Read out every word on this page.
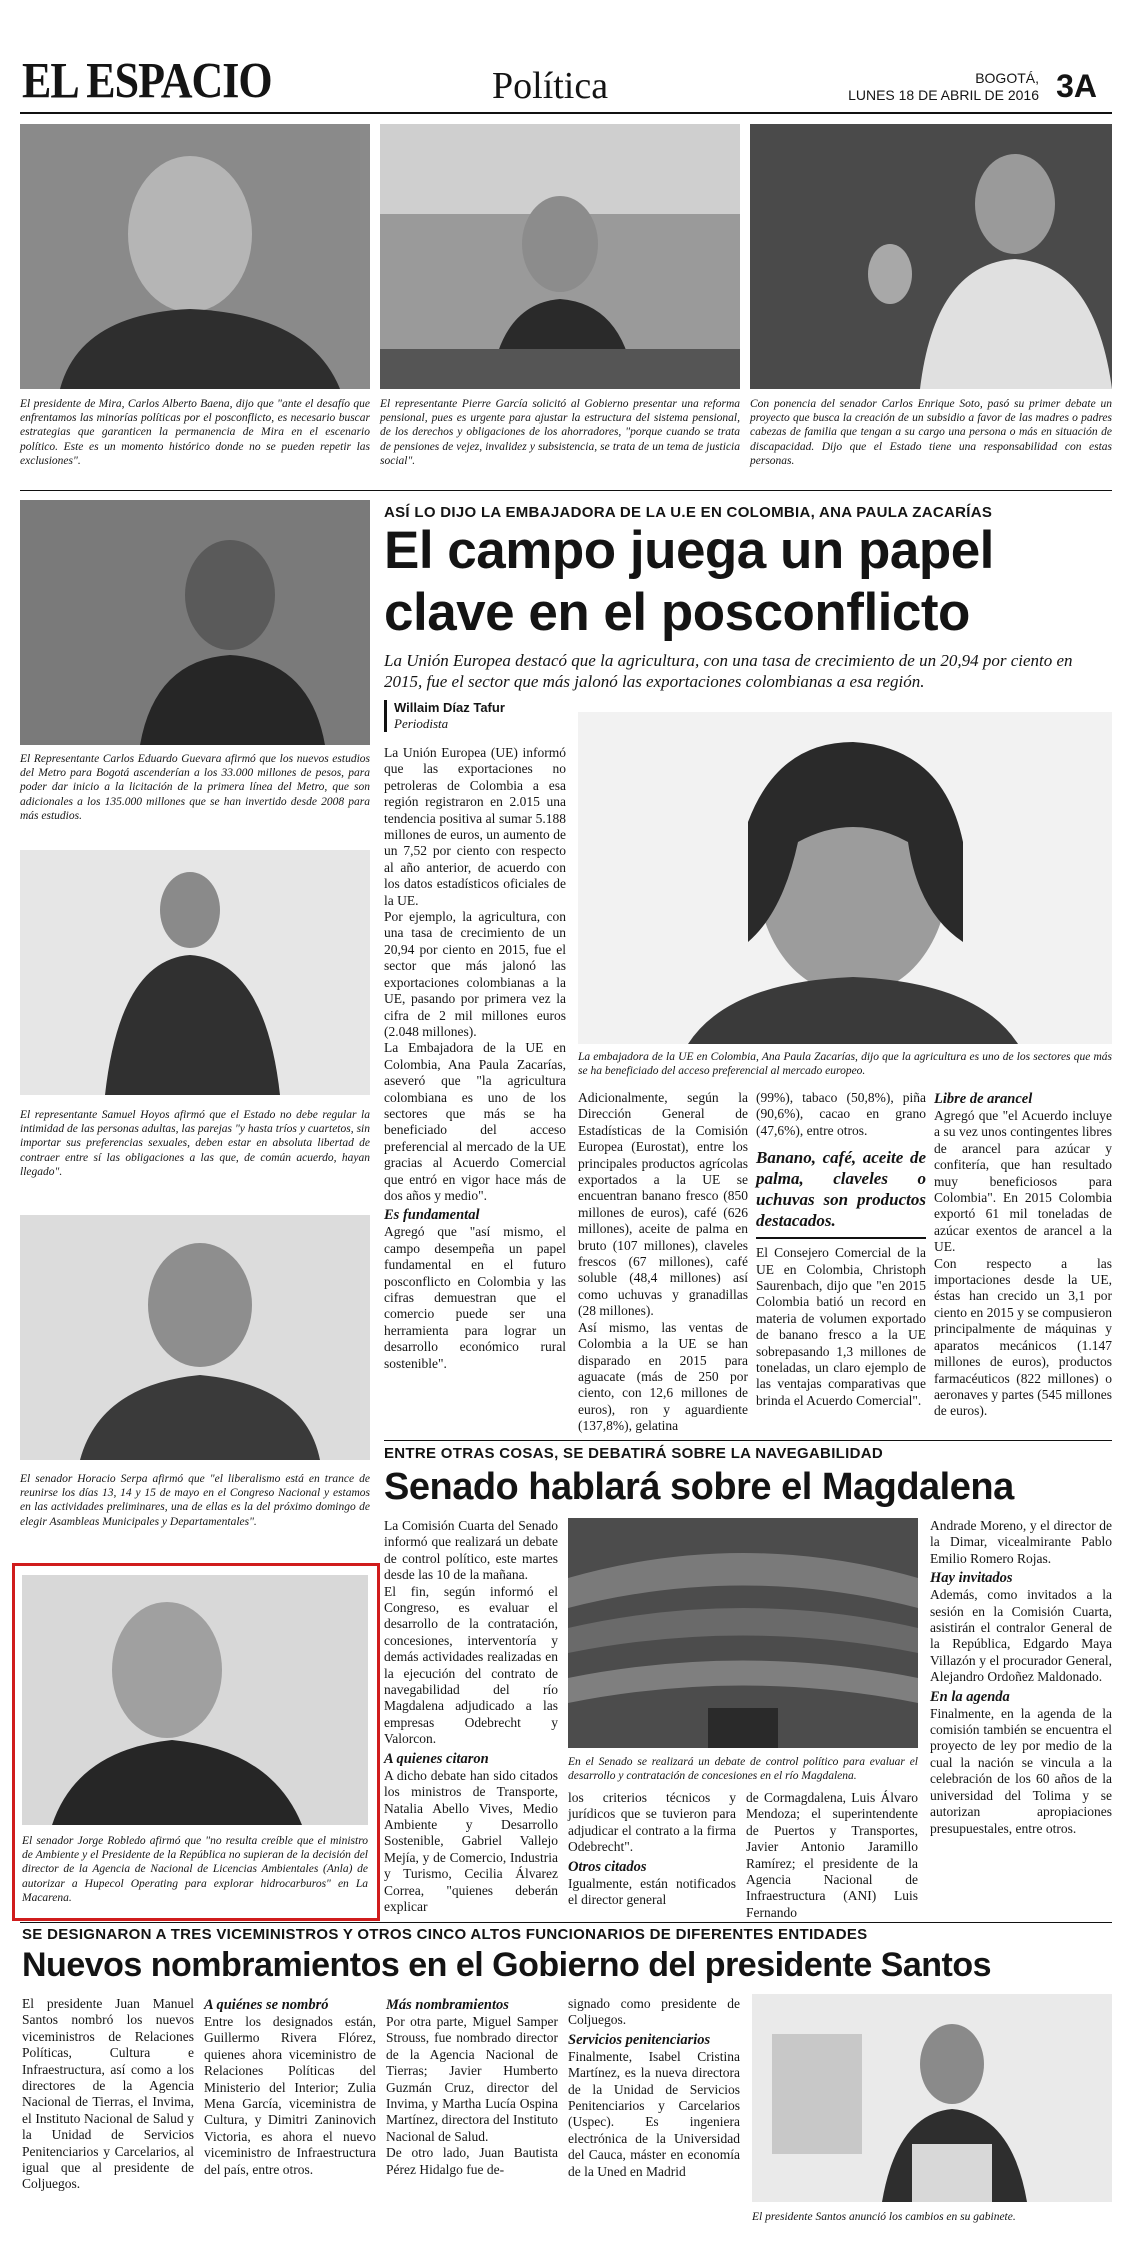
EL ESPACIO	Política	BOGOTÁ,
LUNES 18 DE ABRIL DE 2016 3A
El presidente de Mira, Carlos Alberto Baena, dijo que "ante el desafío que enfrentamos las minorías políticas por el posconflicto, es necesario buscar estrategias que garanticen la permanencia de Mira en el escenario político. Este es un momento histórico donde no se pueden repetir las exclusiones".
El representante Pierre García solicitó al Gobierno presentar una reforma pensional, pues es urgente para ajustar la estructura del sistema pensional, de los derechos y obligaciones de los ahorradores, "porque cuando se trata de pensiones de vejez, invalidez y subsistencia, se trata de un tema de justicia social".
Con ponencia del senador Carlos Enrique Soto, pasó su primer debate un proyecto que busca la creación de un subsidio a favor de las madres o padres cabezas de familia que tengan a su cargo una persona o más en situación de discapacidad. Dijo que el Estado tiene una responsabilidad con estas personas.
El Representante Carlos Eduardo Guevara afirmó que los nuevos estudios del Metro para Bogotá ascenderían a los 33.000 millones de pesos, para poder dar inicio a la licitación de la primera línea del Metro, que son adicionales a los 135.000 millones que se han invertido desde 2008 para más estudios.
El representante Samuel Hoyos afirmó que el Estado no debe regular la intimidad de las personas adultas, las parejas "y hasta tríos y cuartetos, sin importar sus preferencias sexuales, deben estar en absoluta libertad de contraer entre sí las obligaciones a las que, de común acuerdo, hayan llegado".
El senador Horacio Serpa afirmó que "el liberalismo está en trance de reunirse los días 13, 14 y 15 de mayo en el Congreso Nacional y estamos en las actividades preliminares, una de ellas es la del próximo domingo de elegir Asambleas Municipales y Departamentales".
El senador Jorge Robledo afirmó que "no resulta creíble que el ministro de Ambiente y el Presidente de la República no supieran de la decisión del director de la Agencia de Nacional de Licencias Ambientales (Anla) de autorizar a Hupecol Operating para explorar hidrocarburos" en La Macarena.
ASÍ LO DIJO LA EMBAJADORA DE LA U.E EN COLOMBIA, ANA PAULA ZACARÍAS
El campo juega un papel
clave en el posconflicto
La Unión Europea destacó que la agricultura, con una tasa de crecimiento de un 20,94 por ciento en 2015, fue el sector que más jalonó las exportaciones colombianas a esa región.
Willaim Díaz Tafur
Periodista

La Unión Europea (UE) informó que las exportaciones no petroleras de Colombia a esa región registraron en 2.015 una tendencia positiva al sumar 5.188 millones de euros, un aumento de un 7,52 por ciento con respecto al año anterior, de acuerdo con los datos estadísticos oficiales de la UE.

Por ejemplo, la agricultura, con una tasa de crecimiento de un 20,94 por ciento en 2015, fue el sector que más jalonó las exportaciones colombianas a la UE, pasando por primera vez la cifra de 2 mil millones euros (2.048 millones).

La Embajadora de la UE en Colombia, Ana Paula Zacarías, aseveró que "la agricultura colombiana es uno de los sectores que más se ha beneficiado del acceso preferencial al mercado de la UE gracias al Acuerdo Comercial que entró en vigor hace más de dos años y medio".

Es fundamental

Agregó que "así mismo, el campo desempeña un papel fundamental en el futuro posconflicto en Colombia y las cifras demuestran que el comercio puede ser una herramienta para lograr un desarrollo económico rural sostenible".

La embajadora de la UE en Colombia, Ana Paula Zacarías, dijo que la agricultura es uno de los sectores que más se ha beneficiado del acceso preferencial al mercado europeo.

Adicionalmente, según la Dirección General de Estadísticas de la Comisión Europea (Eurostat), entre los principales productos agrícolas exportados a la UE se encuentran banano fresco (850 millones de euros), café (626 millones), aceite de palma en bruto (107 millones), claveles frescos (67 millones), café soluble (48,4 millones) así como uchuvas y granadillas (28 millones).

Así mismo, las ventas de Colombia a la UE se han disparado en 2015 para aguacate (más de 250 por ciento, con 12,6 millones de euros), ron y aguardiente (137,8%), gelatina

(99%), tabaco (50,8%), piña (90,6%), cacao en grano (47,6%), entre otros.

Banano, café, aceite de palma, claveles o uchuvas son productos destacados.

El Consejero Comercial de la UE en Colombia, Christoph Saurenbach, dijo que "en 2015 Colombia batió un record en materia de volumen exportado de banano fresco a la UE sobrepasando 1,3 millones de toneladas, un claro ejemplo de las ventajas comparativas que brinda el Acuerdo Comercial".

Libre de arancel

Agregó que "el Acuerdo incluye a su vez unos contingentes libres de arancel para azúcar y confitería, que han resultado muy beneficiosos para Colombia". En 2015 Colombia exportó 61 mil toneladas de azúcar exentos de arancel a la UE.

Con respecto a las importaciones desde la UE, éstas han crecido un 3,1 por ciento en 2015 y se compusieron principalmente de máquinas y aparatos mecánicos (1.147 millones de euros), productos farmacéuticos (822 millones) o aeronaves y partes (545 millones de euros).

ENTRE OTRAS COSAS, SE DEBATIRÁ SOBRE LA NAVEGABILIDAD
Senado hablará sobre el Magdalena

La Comisión Cuarta del Senado informó que realizará un debate de control político, este martes desde las 10 de la mañana.

El fin, según informó el Congreso, es evaluar el desarrollo de la contratación, concesiones, interventoría y demás actividades realizadas en la ejecución del contrato de navegabilidad del río Magdalena adjudicado a las empresas Odebrecht y Valorcon.

A quienes citaron

A dicho debate han sido citados los ministros de Transporte, Natalia Abello Vives, Medio Ambiente y Desarrollo Sostenible, Gabriel Vallejo Mejía, y de Comercio, Industria y Turismo, Cecilia Álvarez Correa, "quienes deberán explicar

En el Senado se realizará un debate de control político para evaluar el desarrollo y contratación de concesiones en el río Magdalena.

los criterios técnicos y jurídicos que se tuvieron para adjudicar el contrato a la firma Odebrecht".

Otros citados

Igualmente, están notificados el director general

de Cormagdalena, Luis Álvaro Mendoza; el superintendente de Puertos y Transportes, Javier Antonio Jaramillo Ramírez; el presidente de la Agencia Nacional de Infraestructura (ANI) Luis Fernando

Andrade Moreno, y el director de la Dimar, vicealmirante Pablo Emilio Romero Rojas.

Hay invitados

Además, como invitados a la sesión en la Comisión Cuarta, asistirán el contralor General de la República, Edgardo Maya Villazón y el procurador General, Alejandro Ordoñez Maldonado.

En la agenda

Finalmente, en la agenda de la comisión también se encuentra el proyecto de ley por medio de la cual la nación se vincula a la celebración de los 60 años de la universidad del Tolima y se autorizan apropiaciones presupuestales, entre otros.

SE DESIGNARON A TRES VICEMINISTROS Y OTROS CINCO ALTOS FUNCIONARIOS DE DIFERENTES ENTIDADES
Nuevos nombramientos en el Gobierno del presidente Santos

El presidente Juan Manuel Santos nombró los nuevos viceministros de Relaciones Políticas, Cultura e Infraestructura, así como a los directores de la Agencia Nacional de Tierras, el Invima, el Instituto Nacional de Salud y la Unidad de Servicios Penitenciarios y Carcelarios, al igual que al presidente de Coljuegos.

A quiénes se nombró

Entre los designados están, Guillermo Rivera Flórez, quienes ahora viceministro de Relaciones Políticas del Ministerio del Interior; Zulia Mena García, viceministra de Cultura, y Dimitri Zaninovich Victoria, es ahora el nuevo viceministro de Infraestructura del país, entre otros.

Más nombramientos

Por otra parte, Miguel Samper Strouss, fue nombrado director de la Agencia Nacional de Tierras; Javier Humberto Guzmán Cruz, director del Invima, y Martha Lucía Ospina Martínez, directora del Instituto Nacional de Salud.

De otro lado, Juan Bautista Pérez Hidalgo fue de-

signado como presidente de Coljuegos.

Servicios penitenciarios

Finalmente, Isabel Cristina Martínez, es la nueva directora de la Unidad de Servicios Penitenciarios y Carcelarios (Uspec). Es ingeniera electrónica de la Universidad del Cauca, máster en economía de la Uned en Madrid

El presidente Santos anunció los cambios en su gabinete.
